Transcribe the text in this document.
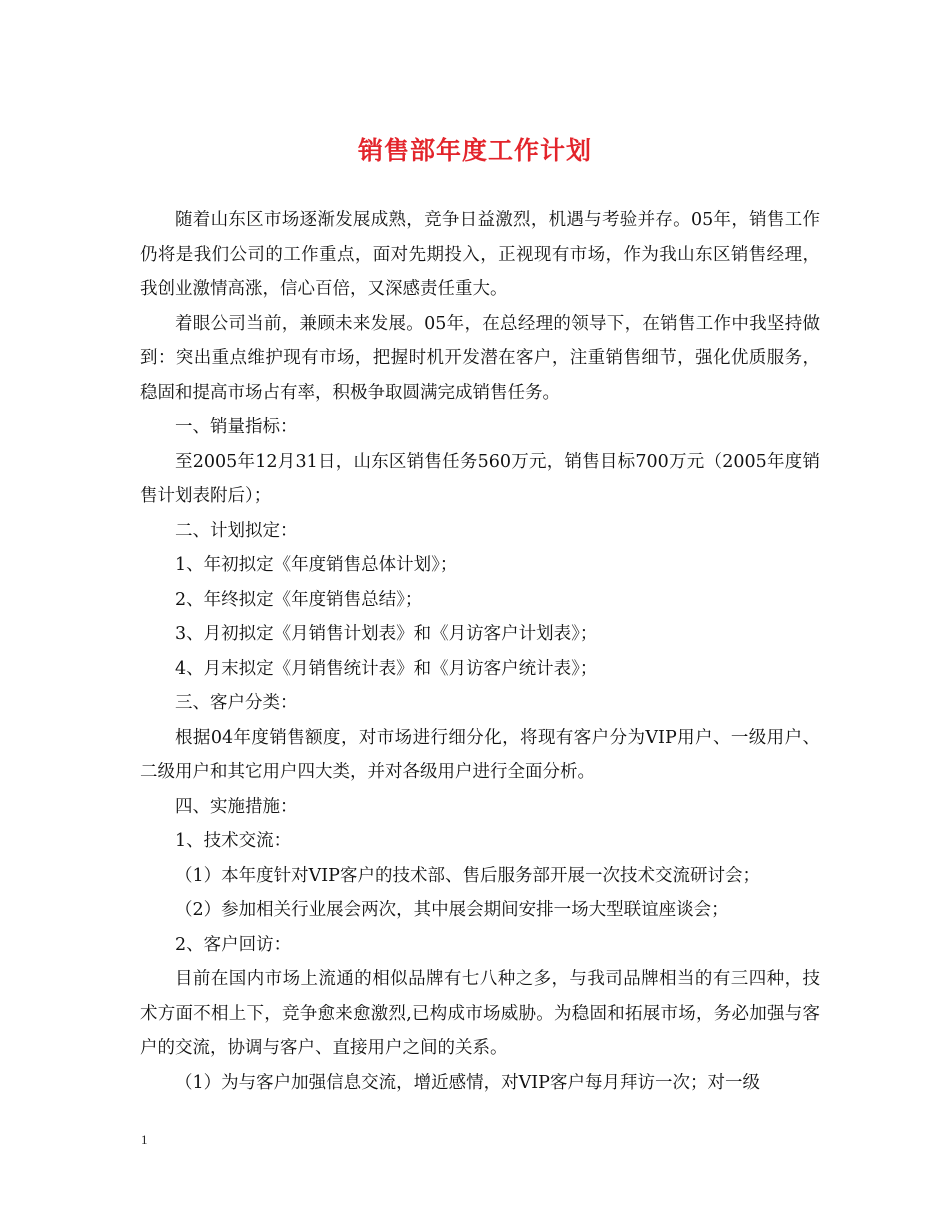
销售部年度工作计划

随着山东区市场逐渐发展成熟，竞争日益激烈，机遇与考验并存。05年，销售工作仍将是我们公司的工作重点，面对先期投入，正视现有市场，作为我山东区销售经理，我创业激情高涨，信心百倍，又深感责任重大。

着眼公司当前，兼顾未来发展。05年，在总经理的领导下，在销售工作中我坚持做到：突出重点维护现有市场，把握时机开发潜在客户，注重销售细节，强化优质服务，稳固和提高市场占有率，积极争取圆满完成销售任务。

一、销量指标：

至2005年12月31日，山东区销售任务560万元，销售目标700万元（2005年度销售计划表附后）；

二、计划拟定：

1、年初拟定《年度销售总体计划》；

2、年终拟定《年度销售总结》；

3、月初拟定《月销售计划表》和《月访客户计划表》；

4、月末拟定《月销售统计表》和《月访客户统计表》；

三、客户分类：

根据04年度销售额度，对市场进行细分化，将现有客户分为VIP用户、一级用户、二级用户和其它用户四大类，并对各级用户进行全面分析。

四、实施措施：

1、技术交流：

（1）本年度针对VIP客户的技术部、售后服务部开展一次技术交流研讨会；

（2）参加相关行业展会两次，其中展会期间安排一场大型联谊座谈会；

2、客户回访：

目前在国内市场上流通的相似品牌有七八种之多，与我司品牌相当的有三四种，技术方面不相上下，竞争愈来愈激烈,已构成市场威胁。为稳固和拓展市场，务必加强与客户的交流，协调与客户、直接用户之间的关系。

（1）为与客户加强信息交流，增近感情，对VIP客户每月拜访一次；对一级

1
